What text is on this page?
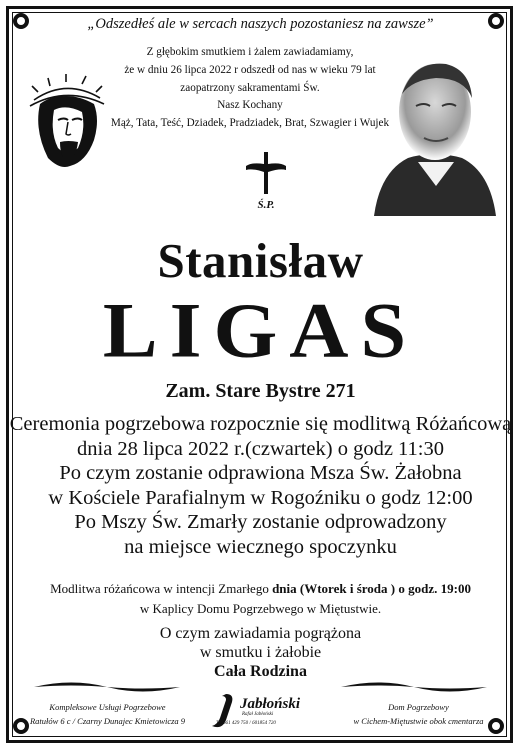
„Odszedłeś ale w sercach naszych pozostaniesz na zawsze”
Z głębokim smutkiem i żalem zawiadamiamy,
że w dniu 26 lipca 2022 r odszedł od nas w wieku 79 lat
zaopatrzony sakramentami Św.
Nasz Kochany
Mąż, Tata, Teść, Dziadek, Pradziadek, Brat, Szwagier i Wujek
Ś.P.
Stanisław
LIGAS
Zam. Stare Bystre 271
Ceremonia pogrzebowa rozpocznie się modlitwą Różańcową
dnia 28 lipca 2022 r.(czwartek) o godz 11:30
Po czym zostanie odprawiona Msza Św. Żałobna
w Kościele Parafialnym w Rogoźniku o godz 12:00
Po Mszy Św. Zmarły zostanie odprowadzony
na miejsce wiecznego spoczynku
Modlitwa różańcowa w intencji Zmarłego dnia (Wtorek i środa ) o godz. 19:00
w Kaplicy Domu Pogrzebwego w Miętustwie.
O czym zawiadamia pogrążona
w smutku i żałobie
Cała Rodzina
Kompleksowe Usługi Pogrzebowe
Ratułów 6 c / Czarny Dunajec Kmietowicza 9
Jabłoński
Rafał Jabłoński
Tel 661 429 750 / 601854 720
Dom Pogrzebowy
w Cichem-Miętustwie obok cmentarza
